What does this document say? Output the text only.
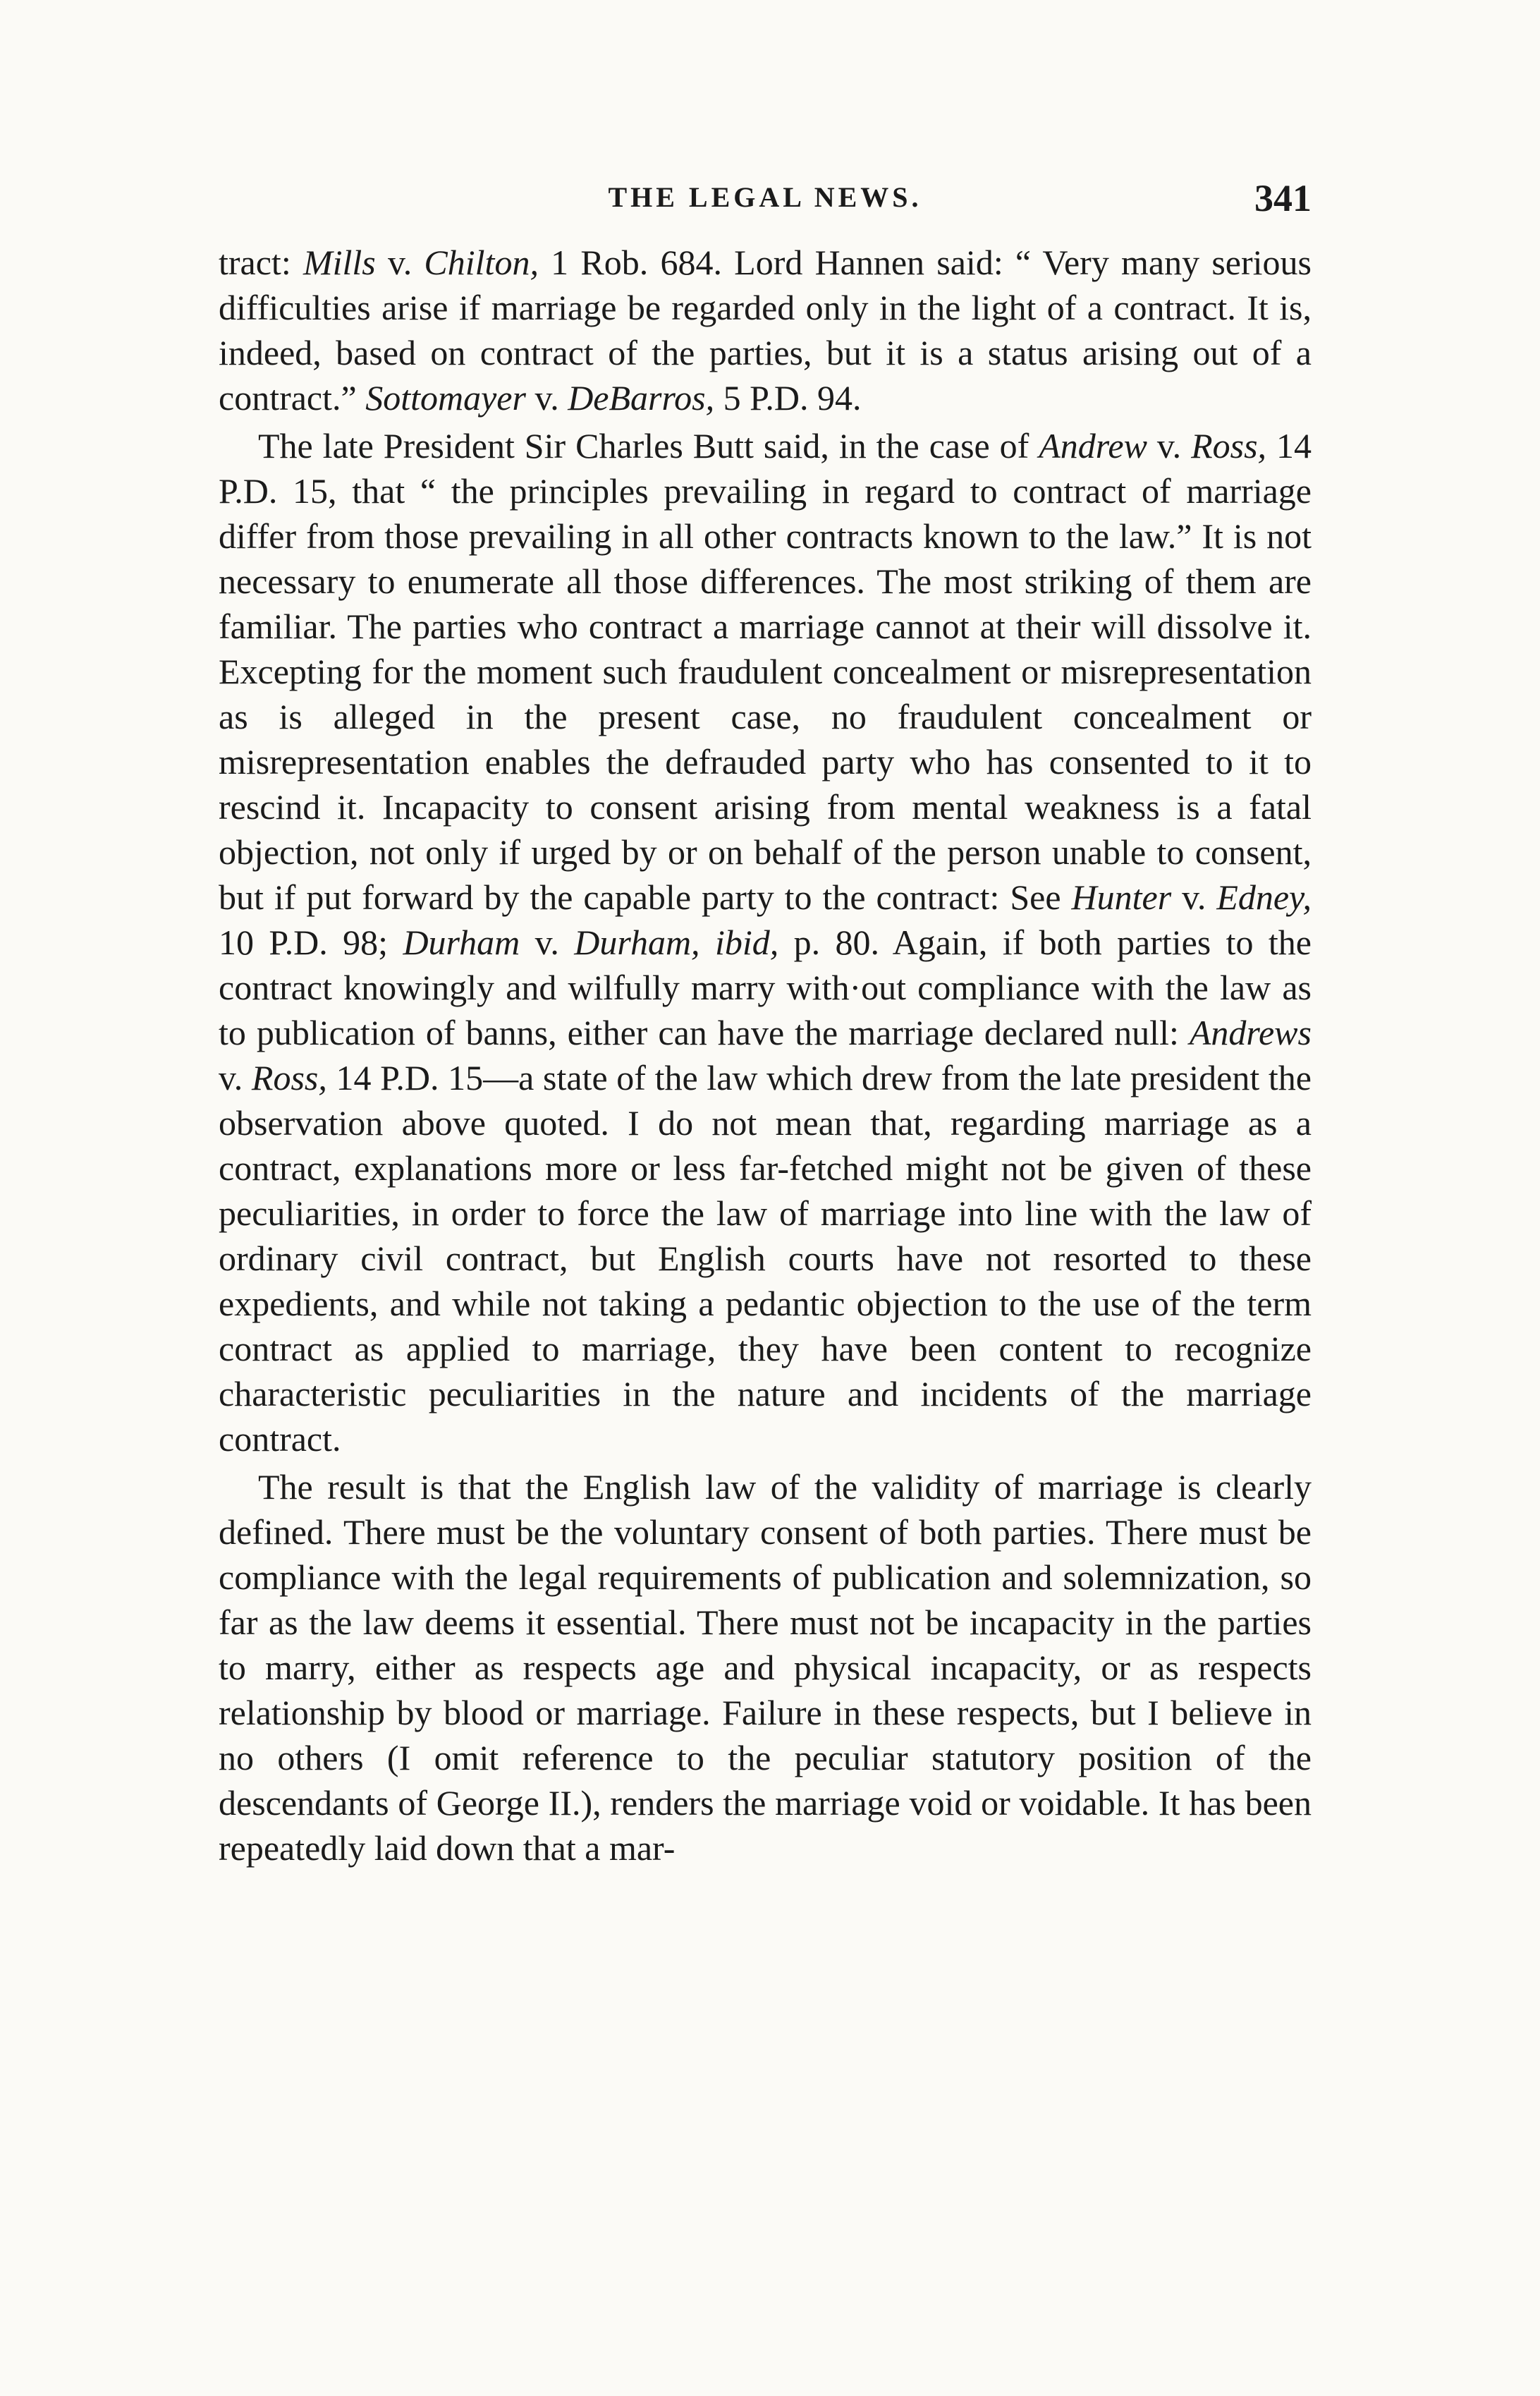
THE LEGAL NEWS.	341

tract: Mills v. Chilton, 1 Rob. 684. Lord Hannen said: “ Very many serious difficulties arise if marriage be regarded only in the light of a contract. It is, indeed, based on contract of the parties, but it is a status arising out of a contract.” Sottomayer v. DeBarros, 5 P.D. 94.

The late President Sir Charles Butt said, in the case of Andrew v. Ross, 14 P.D. 15, that “ the principles prevailing in regard to contract of marriage differ from those prevailing in all other contracts known to the law.” It is not necessary to enumerate all those differences. The most striking of them are familiar. The parties who contract a marriage cannot at their will dissolve it. Excepting for the moment such fraudulent concealment or misrepresentation as is alleged in the present case, no fraudulent concealment or misrepresentation enables the defrauded party who has consented to it to rescind it. Incapacity to consent arising from mental weakness is a fatal objection, not only if urged by or on behalf of the person unable to consent, but if put forward by the capable party to the contract: See Hunter v. Edney, 10 P.D. 98; Durham v. Durham, ibid, p. 80. Again, if both parties to the contract knowingly and wilfully marry with·out compliance with the law as to publication of banns, either can have the marriage declared null: Andrews v. Ross, 14 P.D. 15—a state of the law which drew from the late president the observation above quoted. I do not mean that, regarding marriage as a contract, explanations more or less far-fetched might not be given of these peculiarities, in order to force the law of marriage into line with the law of ordinary civil contract, but English courts have not resorted to these expedients, and while not taking a pedantic objection to the use of the term contract as applied to marriage, they have been content to recognize characteristic peculiarities in the nature and incidents of the marriage contract.

The result is that the English law of the validity of marriage is clearly defined. There must be the voluntary consent of both parties. There must be compliance with the legal requirements of publication and solemnization, so far as the law deems it essential. There must not be incapacity in the parties to marry, either as respects age and physical incapacity, or as respects relationship by blood or marriage. Failure in these respects, but I believe in no others (I omit reference to the peculiar statutory position of the descendants of George II.), renders the marriage void or voidable. It has been repeatedly laid down that a mar-
